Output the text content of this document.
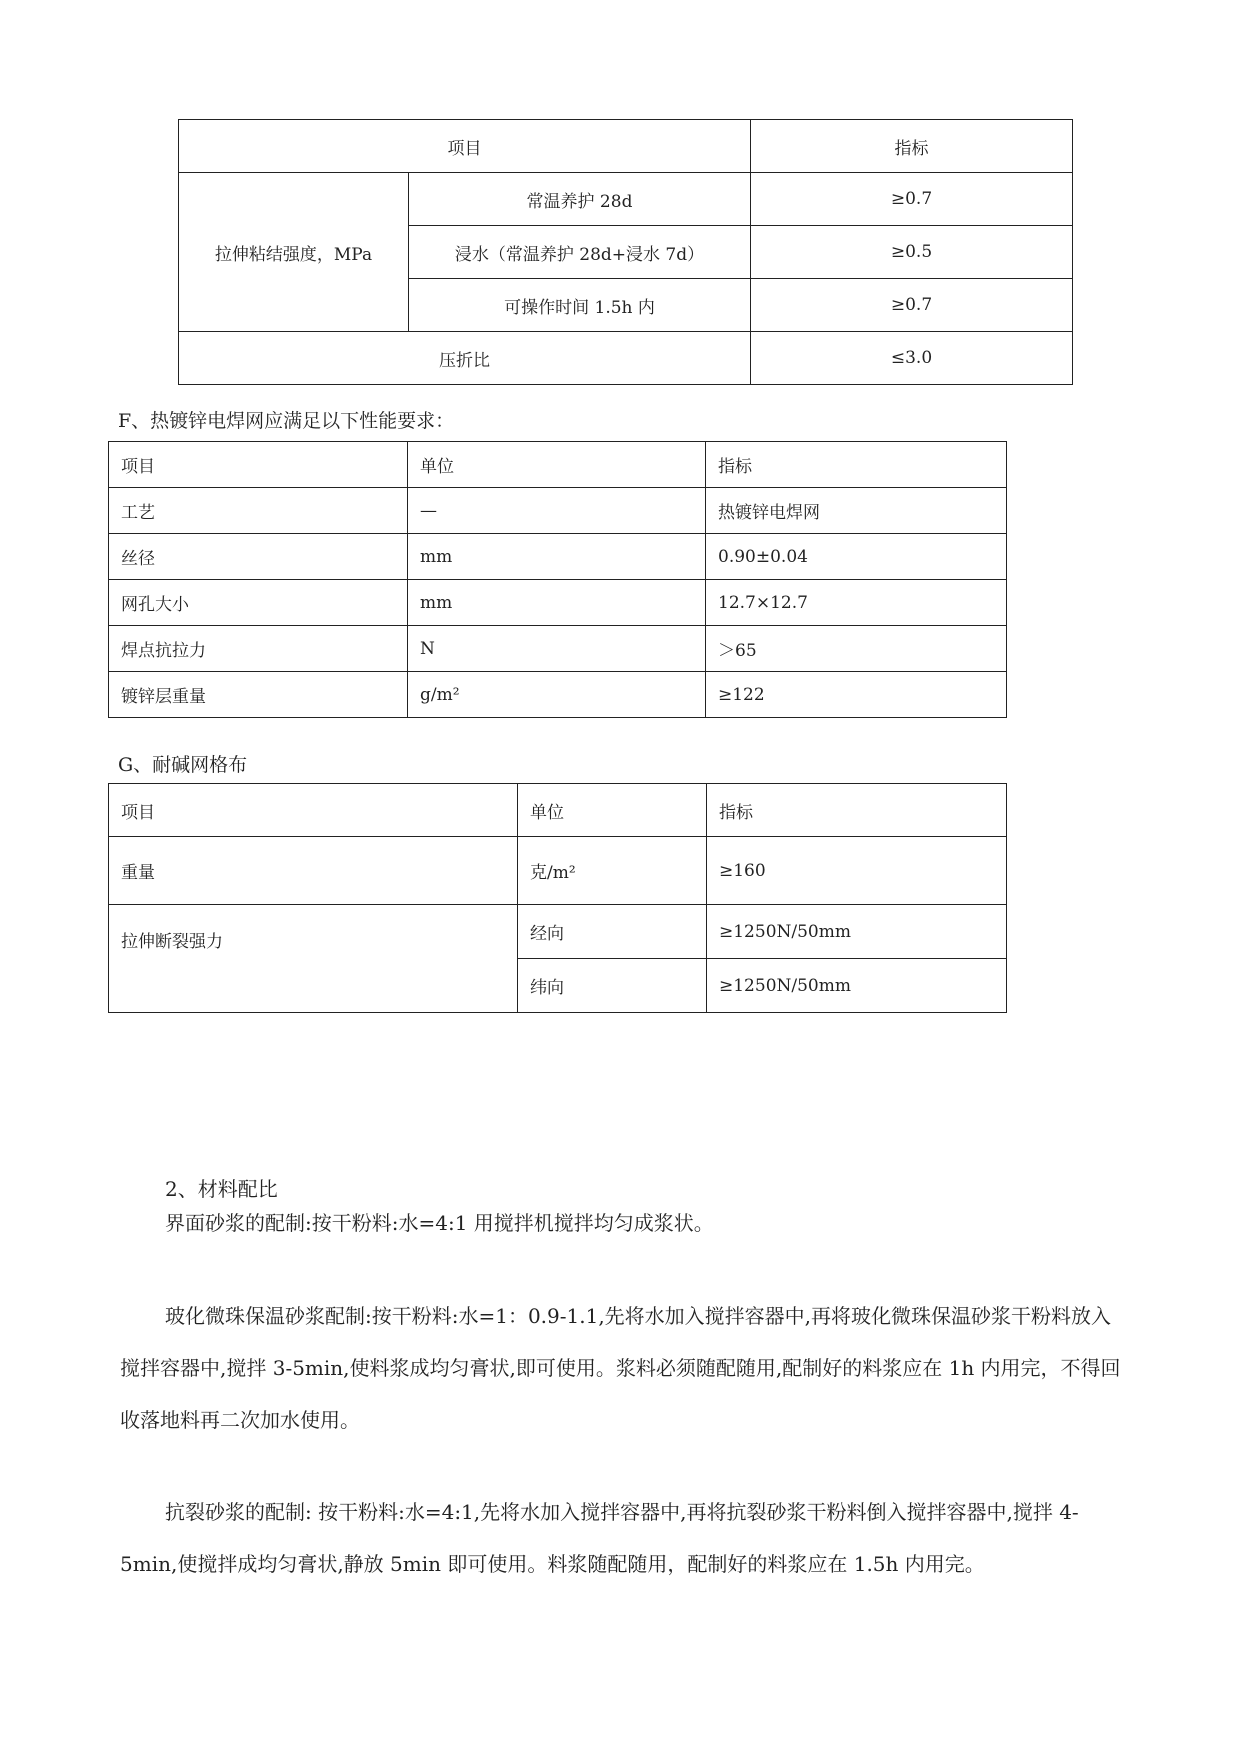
项目		指标
拉伸粘结强度，MPa	常温养护 28d	≥0.7
	浸水（常温养护 28d+浸水 7d）	≥0.5
	可操作时间 1.5h 内	≥0.7
压折比		≤3.0
F、热镀锌电焊网应满足以下性能要求：
项目	单位	指标
工艺	—	热镀锌电焊网
丝径	mm	0.90±0.04
网孔大小	mm	12.7×12.7
焊点抗拉力	N	＞65
镀锌层重量	g/m²	≥122
G、耐碱网格布
项目	单位	指标
重量	克/m²	≥160
拉伸断裂强力	经向	≥1250N/50mm
	纬向	≥1250N/50mm
2、材料配比
界面砂浆的配制:按干粉料:水=4:1 用搅拌机搅拌均匀成浆状。
玻化微珠保温砂浆配制:按干粉料:水=1：0.9-1.1,先将水加入搅拌容器中,再将玻化微珠保温砂浆干粉料放入搅拌容器中,搅拌 3-5min,使料浆成均匀膏状,即可使用。浆料必须随配随用,配制好的料浆应在 1h 内用完，不得回收落地料再二次加水使用。
抗裂砂浆的配制: 按干粉料:水=4:1,先将水加入搅拌容器中,再将抗裂砂浆干粉料倒入搅拌容器中,搅拌 4-5min,使搅拌成均匀膏状,静放 5min 即可使用。料浆随配随用，配制好的料浆应在 1.5h 内用完。
